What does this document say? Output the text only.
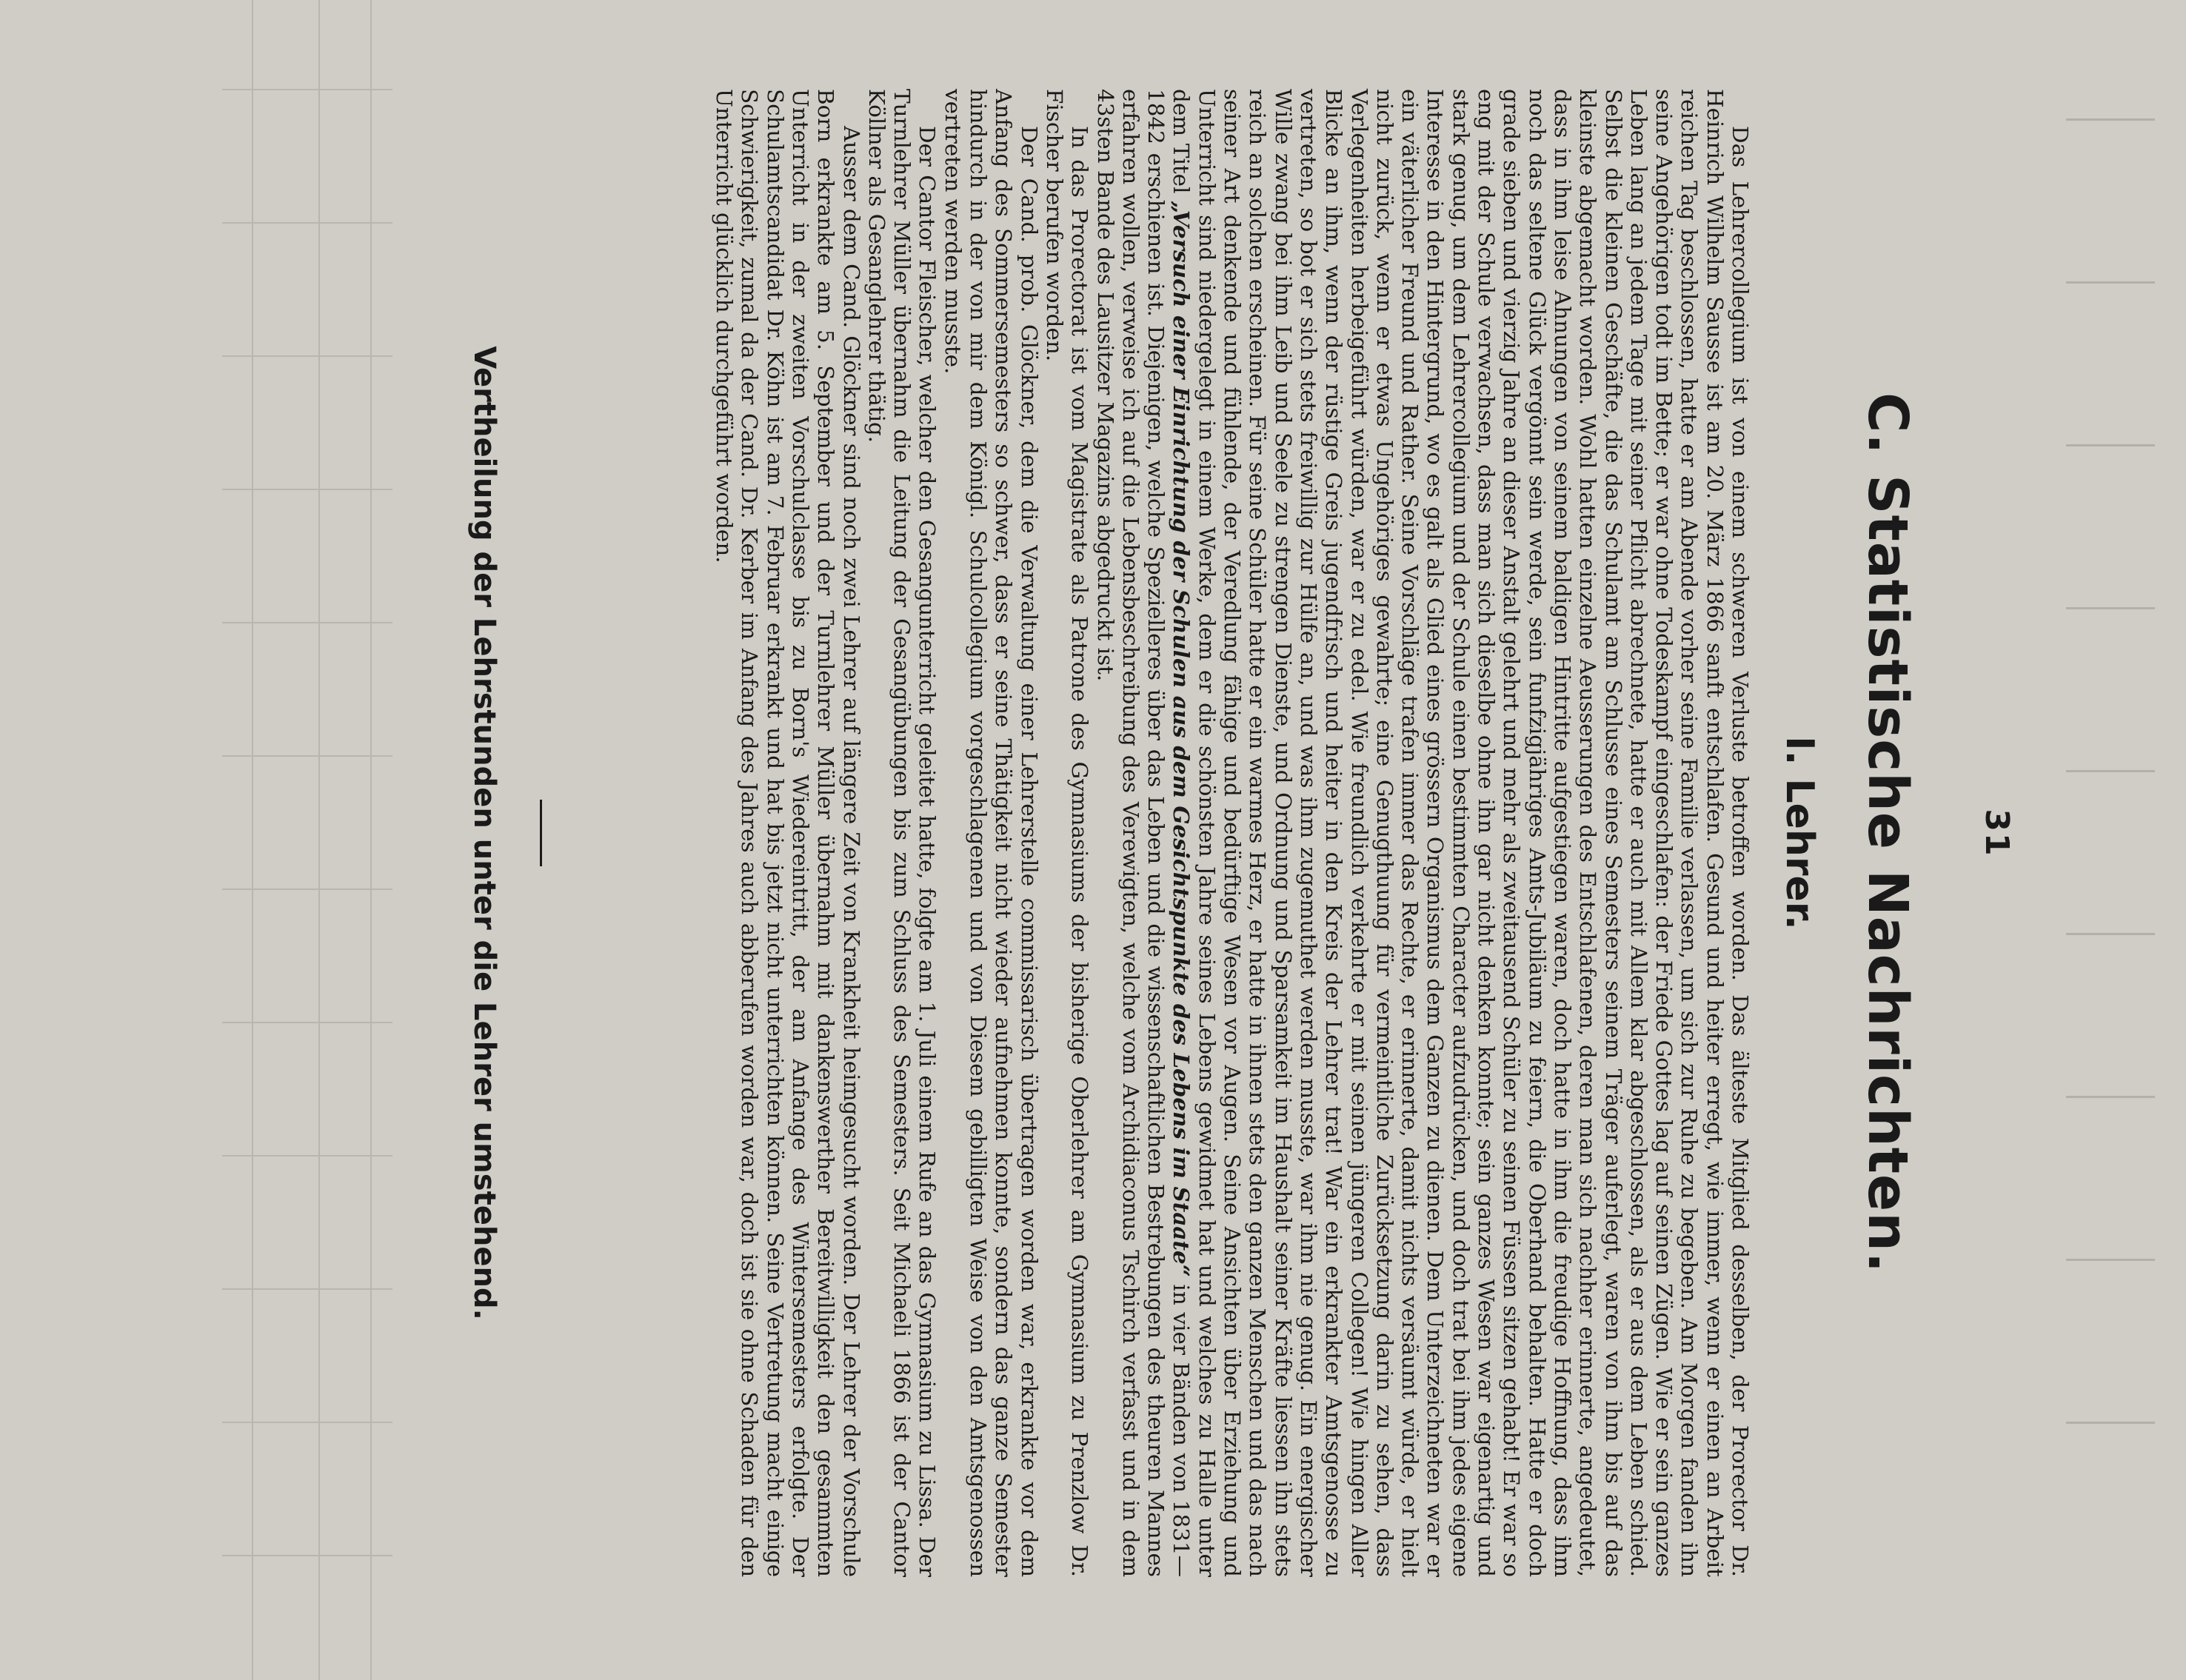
31
C. Statistische Nachrichten.
I. Lehrer.

Das Lehrercollegium ist von einem schweren Verluste betroffen worden. Das älteste Mitglied desselben, der Prorector Dr. Heinrich Wilhelm Sausse ist am 20. März 1866 sanft entschlafen. Gesund und heiter erregt, wie immer, wenn er einen an Arbeit reichen Tag beschlossen, hatte er am Abende vorher seine Familie verlassen, um sich zur Ruhe zu begeben. Am Morgen fanden ihn seine Angehörigen todt im Bette; er war ohne Todeskampf eingeschlafen: der Friede Gottes lag auf seinen Zügen. Wie er sein ganzes Leben lang an jedem Tage mit seiner Pflicht abrechnete, hatte er auch mit Allem klar abgeschlossen, als er aus dem Leben schied. Selbst die kleinen Geschäfte, die das Schulamt am Schlusse eines Semesters seinem Träger auferlegt, waren von ihm bis auf das kleinste abgemacht worden. Wohl hatten einzelne Aeusserungen des Entschlafenen, deren man sich nachher erinnerte, angedeutet, dass in ihm leise Ahnungen von seinem baldigen Hintritte aufgestiegen waren, doch hatte in ihm die freudige Hoffnung, dass ihm noch das seltene Glück vergönnt sein werde, sein funfzigjähriges Amts-Jubiläum zu feiern, die Oberhand behalten. Hatte er doch grade sieben und vierzig Jahre an dieser Anstalt gelehrt und mehr als zweitausend Schüler zu seinen Füssen sitzen gehabt! Er war so eng mit der Schule verwachsen, dass man sich dieselbe ohne ihn gar nicht denken konnte; sein ganzes Wesen war eigenartig und stark genug, um dem Lehrercollegium und der Schule einen bestimmten Character aufzudrücken, und doch trat bei ihm jedes eigene Interesse in den Hintergrund, wo es galt als Glied eines grössern Organismus dem Ganzen zu dienen. Dem Unterzeichneten war er ein väterlicher Freund und Rather. Seine Vorschläge trafen immer das Rechte, er erinnerte, damit nichts versäumt würde, er hielt nicht zurück, wenn er etwas Ungehöriges gewahrte; eine Genugthuung für vermeintliche Zurücksetzung darin zu sehen, dass Verlegenheiten herbeigeführt würden, war er zu edel. Wie freundlich verkehrte er mit seinen jüngeren Collegen! Wie hingen Aller Blicke an ihm, wenn der rüstige Greis jugendfrisch und heiter in den Kreis der Lehrer trat! War ein erkrankter Amtsgenosse zu vertreten, so bot er sich stets freiwillig zur Hülfe an, und was ihm zugemuthet werden musste, war ihm nie genug. Ein energischer Wille zwang bei ihm Leib und Seele zu strengen Dienste, und Ordnung und Sparsamkeit im Haushalt seiner Kräfte liessen ihn stets reich an solchen erscheinen. Für seine Schüler hatte er ein warmes Herz, er hatte in ihnen stets den ganzen Menschen und das nach seiner Art denkende und fühlende, der Veredlung fähige und bedürftige Wesen vor Augen. Seine Ansichten über Erziehung und Unterricht sind niedergelegt in einem Werke, dem er die schönsten Jahre seines Lebens gewidmet hat und welches zu Halle unter dem Titel „Versuch einer Einrichtung der Schulen aus dem Gesichtspunkte des Lebens im Staate“ in vier Bänden von 1831—1842 erschienen ist. Diejenigen, welche Spezielleres über das Leben und die wissenschaftlichen Bestrebungen des theuren Mannes erfahren wollen, verweise ich auf die Lebensbeschreibung des Verewigten, welche vom Archidiaconus Tschirch verfasst und in dem 43sten Bande des Lausitzer Magazins abgedruckt ist.

In das Prorectorat ist vom Magistrate als Patrone des Gymnasiums der bisherige Oberlehrer am Gymnasium zu Prenzlow Dr. Fischer berufen worden.

Der Cand. prob. Glöckner, dem die Verwaltung einer Lehrerstelle commissarisch übertragen worden war, erkrankte vor dem Anfang des Sommersemesters so schwer, dass er seine Thätigkeit nicht wieder aufnehmen konnte, sondern das ganze Semester hindurch in der von mir dem Königl. Schulcollegium vorgeschlagenen und von Diesem gebilligten Weise von den Amtsgenossen vertreten werden musste.

Der Cantor Fleischer, welcher den Gesangunterricht geleitet hatte, folgte am 1. Juli einem Rufe an das Gymnasium zu Lissa. Der Turnlehrer Müller übernahm die Leitung der Gesangübungen bis zum Schluss des Semesters. Seit Michaeli 1866 ist der Cantor Köllner als Gesanglehrer thätig.

Ausser dem Cand. Glöckner sind noch zwei Lehrer auf längere Zeit von Krankheit heimgesucht worden. Der Lehrer der Vorschule Born erkrankte am 5. September und der Turnlehrer Müller übernahm mit dankenswerther Bereitwilligkeit den gesammten Unterricht in der zweiten Vorschulclasse bis zu Born's Wiedereintritt, der am Anfange des Wintersemesters erfolgte. Der Schulamtscandidat Dr. Köhn ist am 7. Februar erkrankt und hat bis jetzt nicht unterrichten können. Seine Vertretung macht einige Schwierigkeit, zumal da der Cand. Dr. Kerber im Anfang des Jahres auch abberufen worden war, doch ist sie ohne Schaden für den Unterricht glücklich durchgeführt worden.

Vertheilung der Lehrstunden unter die Lehrer umstehend.
